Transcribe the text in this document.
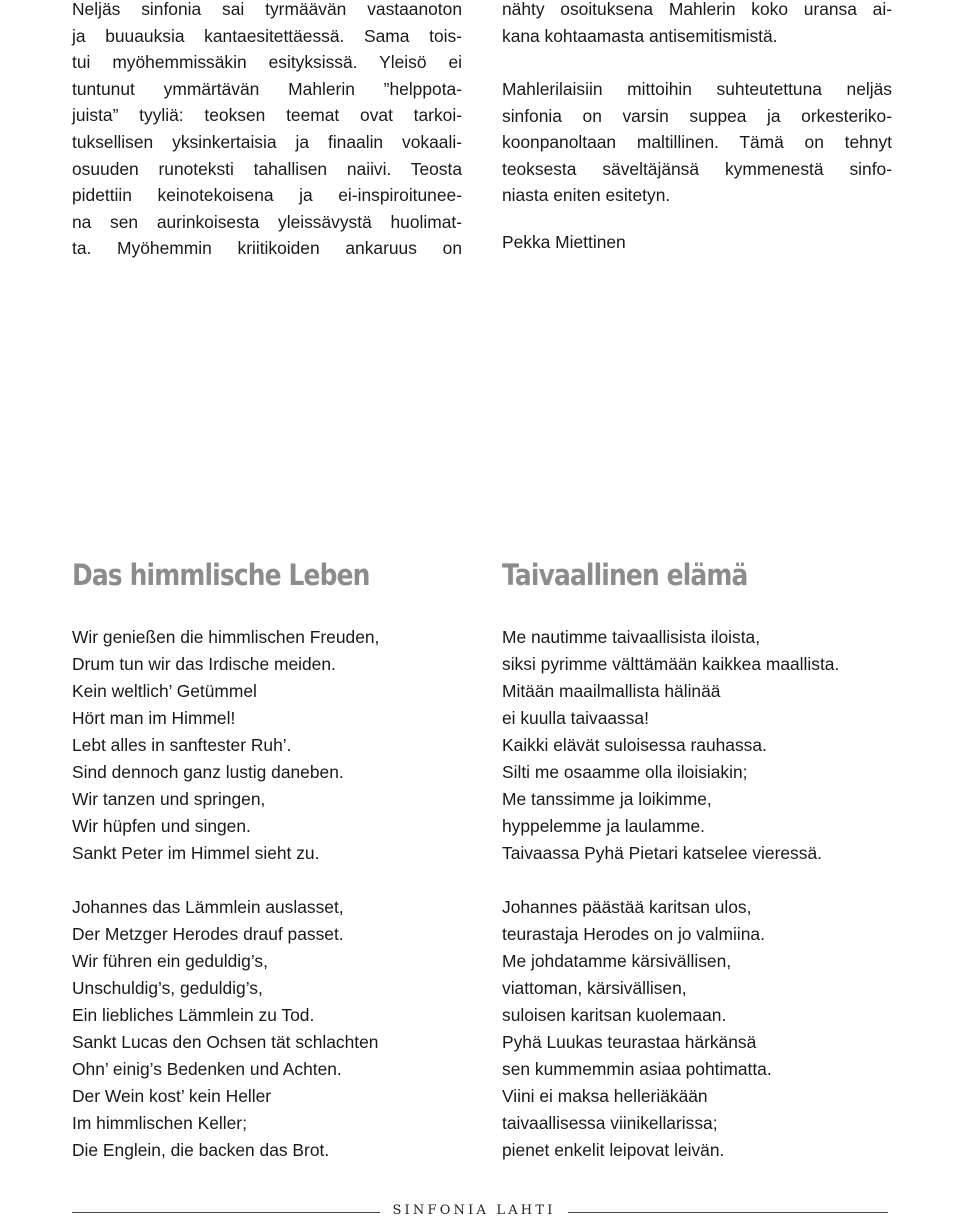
Neljäs sinfonia sai tyrmäävän vastaanoton
ja buuauksia kantaesitettäessä. Sama tois-
tui myöhemmissäkin esityksissä. Yleisö ei
tuntunut ymmärtävän Mahlerin ”helppota-
juista” tyyliä: teoksen teemat ovat tarkoi-
tuksellisen yksinkertaisia ja finaalin vokaali-
osuuden runoteksti tahallisen naiivi. Teosta
pidettiin keinotekoisena ja ei-inspiroituneе-
na sen aurinkoisesta yleissävystä huolimat-
ta. Myöhemmin kriitikoiden ankaruus on

nähty osoituksena Mahlerin koko uransa ai-
kana kohtaamasta antisemitismistä.

Mahlerilaisiin mittoihin suhteutettuna neljäs
sinfonia on varsin suppea ja orkesteriko-
koonpanoltaan maltillinen. Tämä on tehnyt
teoksesta säveltäjänsä kymmenestä sinfo-
niasta eniten esitetyn.

Pekka Miettinen

Das himmlische Leben

Wir genießen die himmlischen Freuden,
Drum tun wir das Irdische meiden.
Kein weltlich’ Getümmel
Hört man im Himmel!
Lebt alles in sanftester Ruh’.
Sind dennoch ganz lustig daneben.
Wir tanzen und springen,
Wir hüpfen und singen.
Sankt Peter im Himmel sieht zu.

Johannes das Lämmlein auslasset,
Der Metzger Herodes drauf passet.
Wir führen ein geduldig’s,
Unschuldig’s, geduldig’s,
Ein liebliches Lämmlein zu Tod.
Sankt Lucas den Ochsen tät schlachten
Ohn’ einig’s Bedenken und Achten.
Der Wein kost’ kein Heller
Im himmlischen Keller;
Die Englein, die backen das Brot.

Taivaallinen elämä

Me nautimme taivaallisista iloista,
siksi pyrimme välttämään kaikkea maallista.
Mitään maailmallista hälinää
ei kuulla taivaassa!
Kaikki elävät suloisessa rauhassa.
Silti me osaamme olla iloisiakin;
Me tanssimme ja loikimme,
hyppelemme ja laulamme.
Taivaassa Pyhä Pietari katselee vieressä.

Johannes päästää karitsan ulos,
teurastaja Herodes on jo valmiina.
Me johdatamme kärsivällisen,
viattoman, kärsivällisen,
suloisen karitsan kuolemaan.
Pyhä Luukas teurastaa härkänsä
sen kummemmin asiaa pohtimatta.
Viini ei maksa helleriäkään
taivaallisessa viinikellarissa;
pienet enkelit leipovat leivän.

SINFONIA LAHTI
